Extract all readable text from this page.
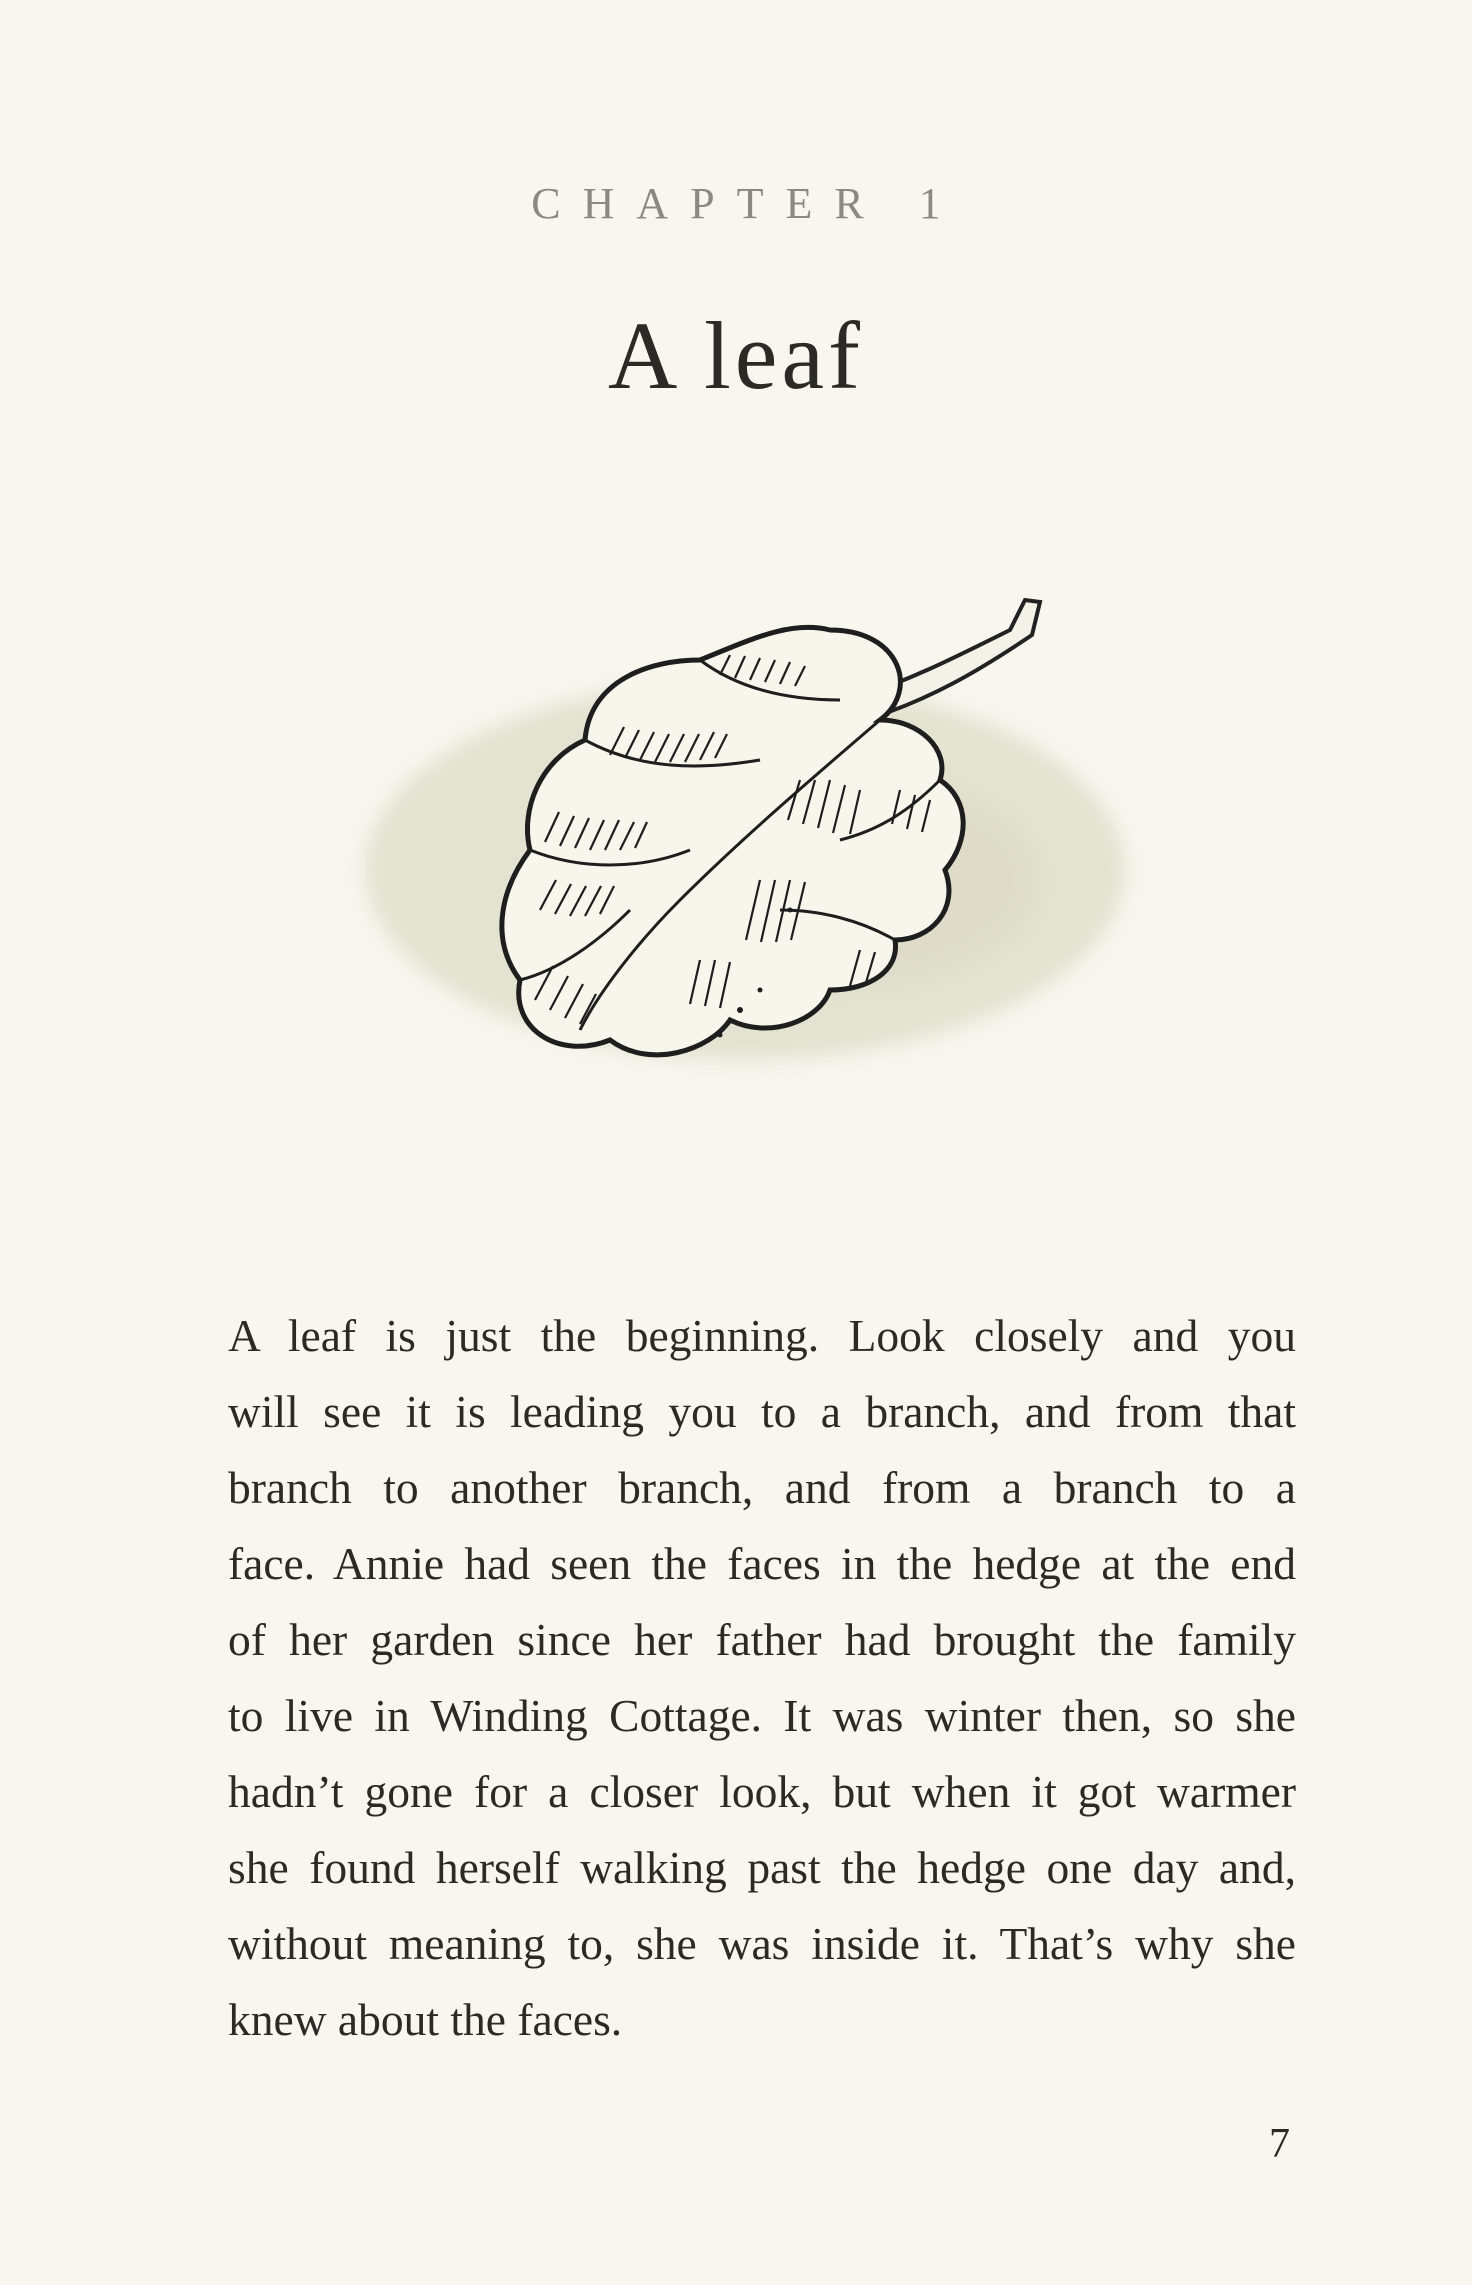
CHAPTER 1
A leaf
A leaf is just the beginning. Look closely and you
will see it is leading you to a branch, and from that
branch to another branch, and from a branch to a
face. Annie had seen the faces in the hedge at the end
of her garden since her father had brought the family
to live in Winding Cottage. It was winter then, so she
hadn’t gone for a closer look, but when it got warmer
she found herself walking past the hedge one day and,
without meaning to, she was inside it. That’s why she
knew about the faces.
7
